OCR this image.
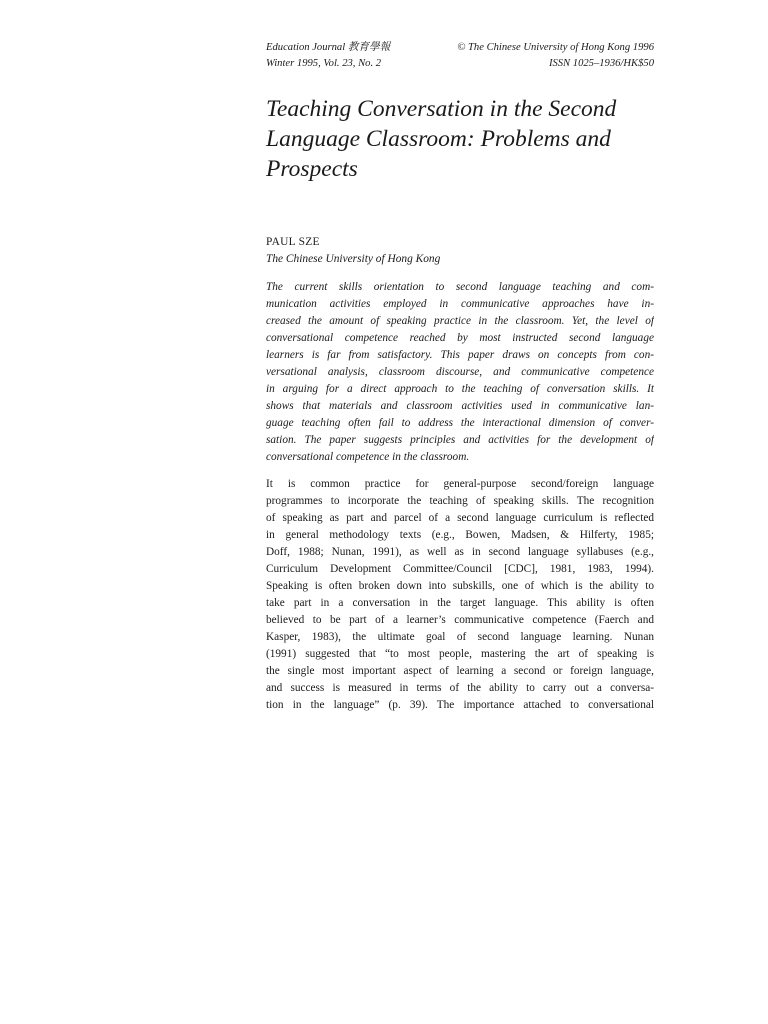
Education Journal 教育學報	© The Chinese University of Hong Kong 1996
Winter 1995, Vol. 23, No. 2	ISSN 1025–1936/HK$50
Teaching Conversation in the Second
Language Classroom: Problems and
Prospects
PAUL SZE
The Chinese University of Hong Kong
The current skills orientation to second language teaching and com-
munication activities employed in communicative approaches have in-
creased the amount of speaking practice in the classroom. Yet, the level of
conversational competence reached by most instructed second language
learners is far from satisfactory. This paper draws on concepts from con-
versational analysis, classroom discourse, and communicative competence
in arguing for a direct approach to the teaching of conversation skills. It
shows that materials and classroom activities used in communicative lan-
guage teaching often fail to address the interactional dimension of conver-
sation. The paper suggests principles and activities for the development of
conversational competence in the classroom.
It is common practice for general-purpose second/foreign language
programmes to incorporate the teaching of speaking skills. The recognition
of speaking as part and parcel of a second language curriculum is reflected
in general methodology texts (e.g., Bowen, Madsen, & Hilferty, 1985;
Doff, 1988; Nunan, 1991), as well as in second language syllabuses (e.g.,
Curriculum Development Committee/Council [CDC], 1981, 1983, 1994).
Speaking is often broken down into subskills, one of which is the ability to
take part in a conversation in the target language. This ability is often
believed to be part of a learner’s communicative competence (Faerch and
Kasper, 1983), the ultimate goal of second language learning. Nunan
(1991) suggested that “to most people, mastering the art of speaking is
the single most important aspect of learning a second or foreign language,
and success is measured in terms of the ability to carry out a conversa-
tion in the language” (p. 39). The importance attached to conversational
